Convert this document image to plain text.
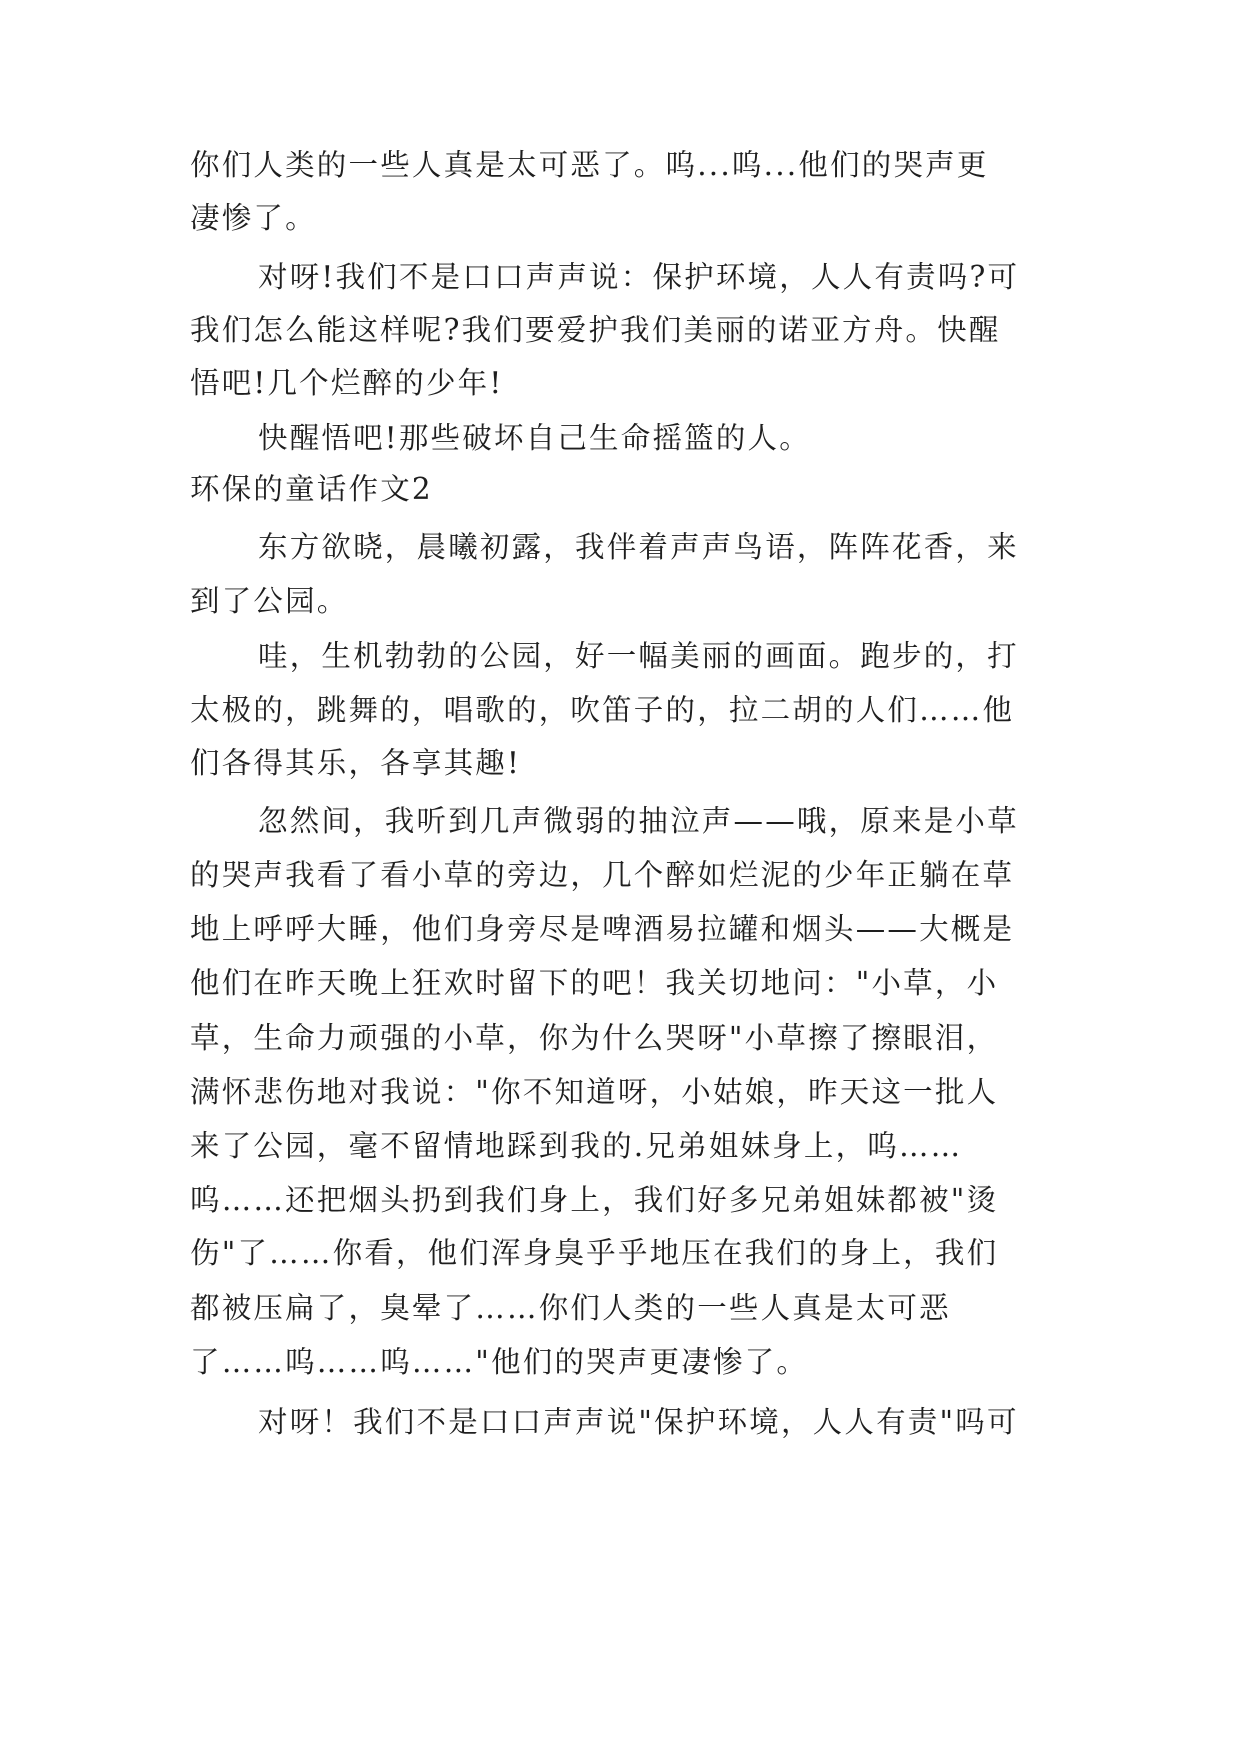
你们人类的一些人真是太可恶了。呜...呜...他们的哭声更
凄惨了。
对呀!我们不是口口声声说：保护环境，人人有责吗?可
我们怎么能这样呢?我们要爱护我们美丽的诺亚方舟。快醒
悟吧!几个烂醉的少年!
快醒悟吧!那些破坏自己生命摇篮的人。
环保的童话作文2
东方欲晓，晨曦初露，我伴着声声鸟语，阵阵花香，来
到了公园。
哇，生机勃勃的公园，好一幅美丽的画面。跑步的，打
太极的，跳舞的，唱歌的，吹笛子的，拉二胡的人们……他
们各得其乐，各享其趣!
忽然间，我听到几声微弱的抽泣声——哦，原来是小草
的哭声我看了看小草的旁边，几个醉如烂泥的少年正躺在草
地上呼呼大睡，他们身旁尽是啤酒易拉罐和烟头——大概是
他们在昨天晚上狂欢时留下的吧！我关切地问："小草，小
草，生命力顽强的小草，你为什么哭呀"小草擦了擦眼泪，
满怀悲伤地对我说："你不知道呀，小姑娘，昨天这一批人
来了公园，毫不留情地踩到我的.兄弟姐妹身上，呜……
呜……还把烟头扔到我们身上，我们好多兄弟姐妹都被"烫
伤"了……你看，他们浑身臭乎乎地压在我们的身上，我们
都被压扁了，臭晕了……你们人类的一些人真是太可恶
了……呜……呜……"他们的哭声更凄惨了。
对呀！我们不是口口声声说"保护环境，人人有责"吗可
